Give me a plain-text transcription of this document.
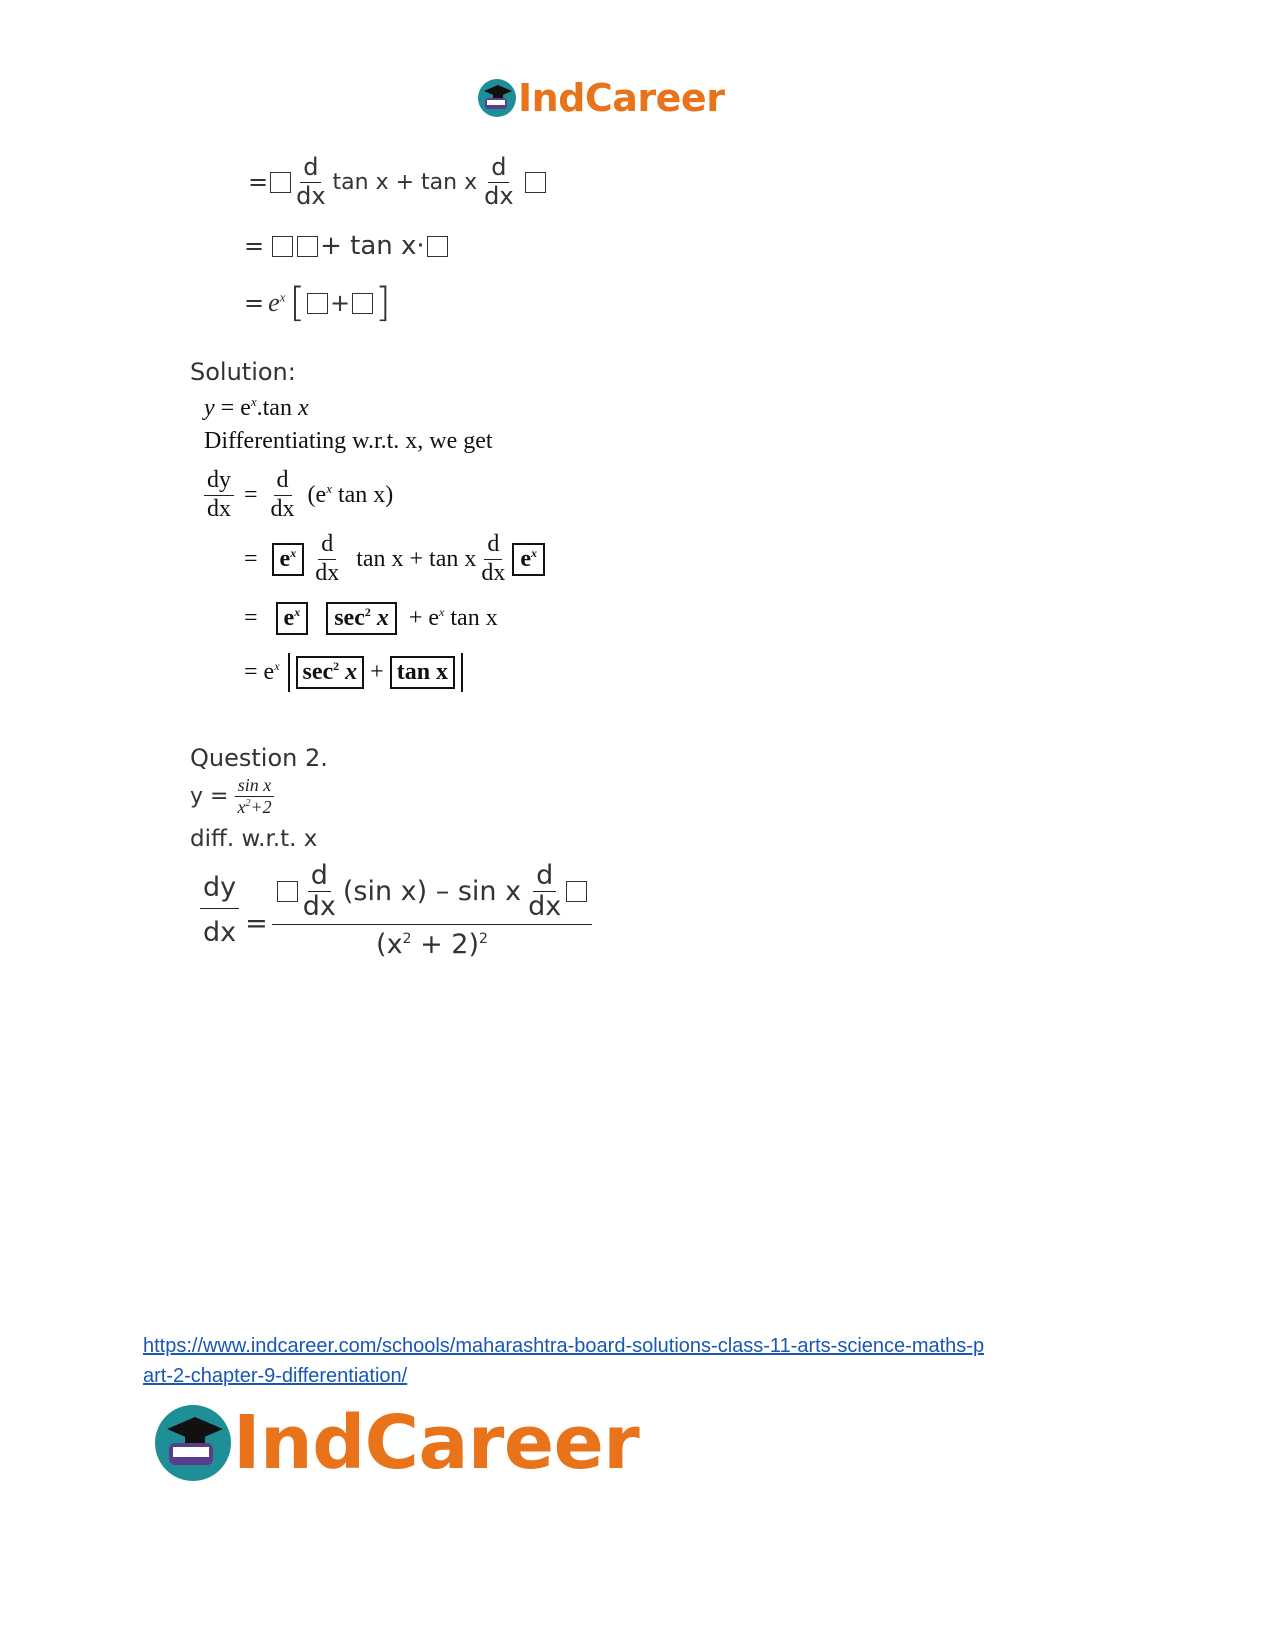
IndCareer
= $\frac{d}{dx}$ tan x + tan x $\frac{d}{dx}$
= + tan x·
= $e^x$ [ + ]
Solution:
$y = e^x.\tan$ x
Differentiating w.r.t. x, we get
$\frac{dy}{dx} = \frac{d}{dx} (e^x$ tan x)
= $e^x \frac{d}{dx}$ tan x + tan x $\frac{d}{dx} e^x$
=	$e^x$	$\sec^2 x + e^x$ tan x
= $e^x$ $\sec^2 x + \tan x$
Question 2.
$y = \frac{\text{sin x}}{x^2+2}$
diff. w.r.t. x
$\frac{dy}{dx}$ =
$\frac{d}{dx} (\sin$ x) – sin x $\frac{d}{dx}$
$(x^2 + 2)^2$
https://www.indcareer.com/schools/maharashtra-board-solutions-class-11-arts-science-maths-p
art-2-chapter-9-differentiation/
IndCareer
